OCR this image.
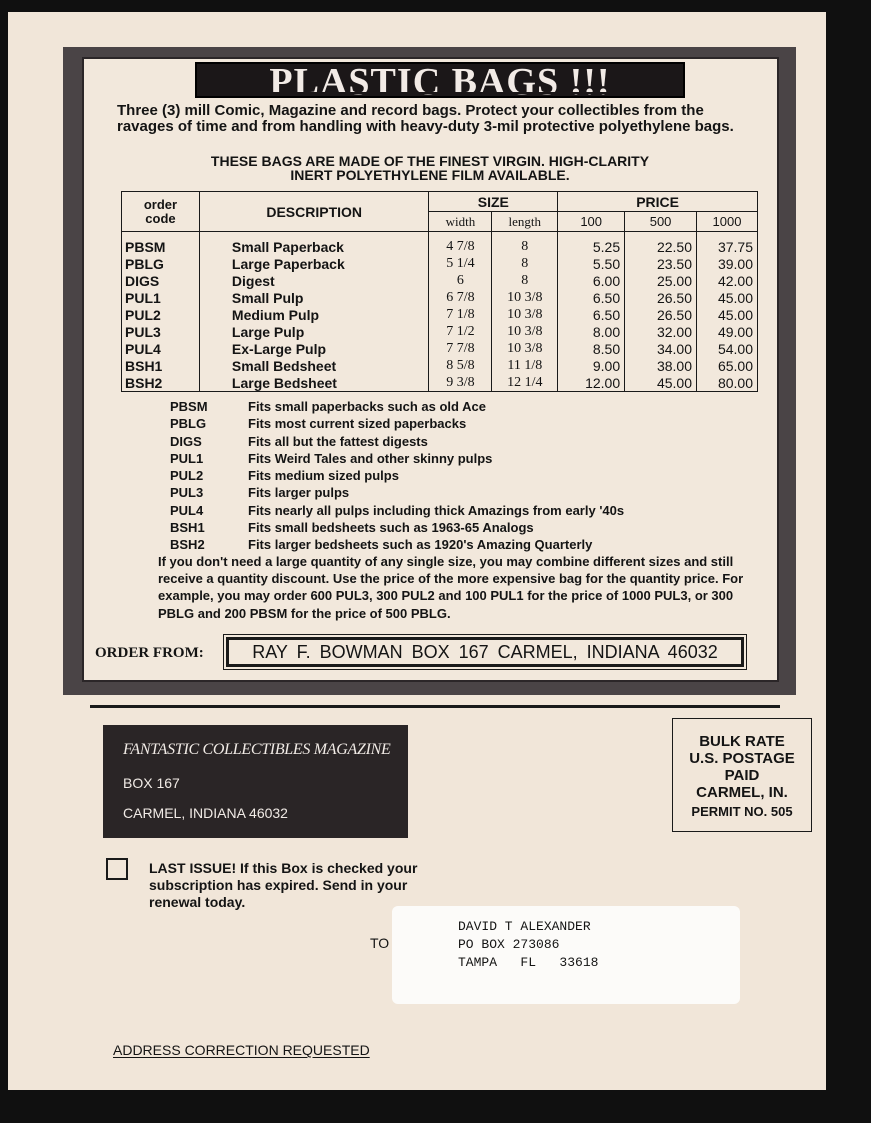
PLASTIC BAGS !!!
Three (3) mill Comic, Magazine and record bags. Protect your collectibles from the ravages of time and from handling with heavy-duty 3-mil protective polyethylene bags.
THESE BAGS ARE MADE OF THE FINEST VIRGIN. HIGH-CLARITY
INERT POLYETHYLENE FILM AVAILABLE.
order code	DESCRIPTION	SIZE		PRICE		
		width	length	100	500	1000
PBSM	Small Paperback	4 7/8	8	5.25	22.50	37.75
PBLG	Large Paperback	5 1/4	8	5.50	23.50	39.00
DIGS	Digest	6	8	6.00	25.00	42.00
PUL1	Small Pulp	6 7/8	10 3/8	6.50	26.50	45.00
PUL2	Medium Pulp	7 1/8	10 3/8	6.50	26.50	45.00
PUL3	Large Pulp	7 1/2	10 3/8	8.00	32.00	49.00
PUL4	Ex-Large Pulp	7 7/8	10 3/8	8.50	34.00	54.00
BSH1	Small Bedsheet	8 5/8	11 1/8	9.00	38.00	65.00
BSH2	Large Bedsheet	9 3/8	12 1/4	12.00	45.00	80.00
PBSM	Fits small paperbacks such as old Ace
PBLG	Fits most current sized paperbacks
DIGS	Fits all but the fattest digests
PUL1	Fits Weird Tales and other skinny pulps
PUL2	Fits medium sized pulps
PUL3	Fits larger pulps
PUL4	Fits nearly all pulps including thick Amazings from early '40s
BSH1	Fits small bedsheets such as 1963-65 Analogs
BSH2	Fits larger bedsheets such as 1920's Amazing Quarterly
If you don't need a large quantity of any single size, you may combine different sizes and still receive a quantity discount. Use the price of the more expensive bag for the quantity price. For example, you may order 600 PUL3, 300 PUL2 and 100 PUL1 for the price of 1000 PUL3, or 300 PBLG and 200 PBSM for the price of 500 PBLG.
ORDER FROM:	RAY F. BOWMAN BOX 167 CARMEL, INDIANA 46032
FANTASTIC COLLECTIBLES MAGAZINE
BOX 167
CARMEL, INDIANA 46032
BULK RATE
U.S. POSTAGE
PAID
CARMEL, IN.
PERMIT NO. 505
LAST ISSUE! If this Box is checked your subscription has expired. Send in your renewal today.
TO
DAVID T ALEXANDER
PO BOX 273086
TAMPA   FL   33618
ADDRESS CORRECTION REQUESTED
